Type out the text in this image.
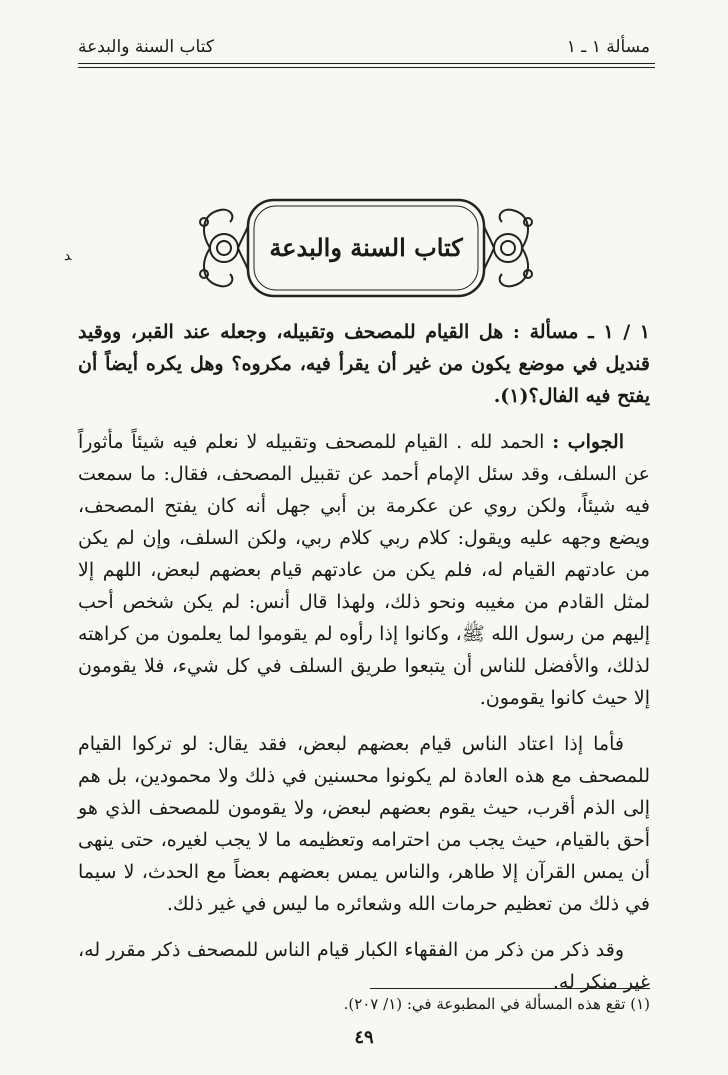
مسألة ١ ـ ١
كتاب السنة والبدعة
كتاب السنة والبدعة
ﺪ

١ / ١ ـ مسألة : هل القيام للمصحف وتقبيله، وجعله عند القبر، ووقيد قنديل في موضع يكون من غير أن يقرأ فيه، مكروه؟ وهل يكره أيضاً أن يفتح فيه الفال؟(١).

الجواب : الحمد لله . القيام للمصحف وتقبيله لا نعلم فيه شيئاً مأثوراً عن السلف، وقد سئل الإمام أحمد عن تقبيل المصحف، فقال: ما سمعت فيه شيئاً، ولكن روي عن عكرمة بن أبي جهل أنه كان يفتح المصحف، ويضع وجهه عليه ويقول: كلام ربي كلام ربي، ولكن السلف، وإن لم يكن من عادتهم القيام له، فلم يكن من عادتهم قيام بعضهم لبعض، اللهم إلا لمثل القادم من مغيبه ونحو ذلك، ولهذا قال أنس: لم يكن شخص أحب إليهم من رسول الله ﷺ، وكانوا إذا رأوه لم يقوموا لما يعلمون من كراهته لذلك، والأفضل للناس أن يتبعوا طريق السلف في كل شيء، فلا يقومون إلا حيث كانوا يقومون.

فأما إذا اعتاد الناس قيام بعضهم لبعض، فقد يقال: لو تركوا القيام للمصحف مع هذه العادة لم يكونوا محسنين في ذلك ولا محمودين، بل هم إلى الذم أقرب، حيث يقوم بعضهم لبعض، ولا يقومون للمصحف الذي هو أحق بالقيام، حيث يجب من احترامه وتعظيمه ما لا يجب لغيره، حتى ينهى أن يمس القرآن إلا طاهر، والناس يمس بعضهم بعضاً مع الحدث، لا سيما في ذلك من تعظيم حرمات الله وشعائره ما ليس في غير ذلك.

وقد ذكر من ذكر من الفقهاء الكبار قيام الناس للمصحف ذكر مقرر له، غير منكر له.

(١) تقع هذه المسألة في المطبوعة في: (١/ ٢٠٧).
٤٩
